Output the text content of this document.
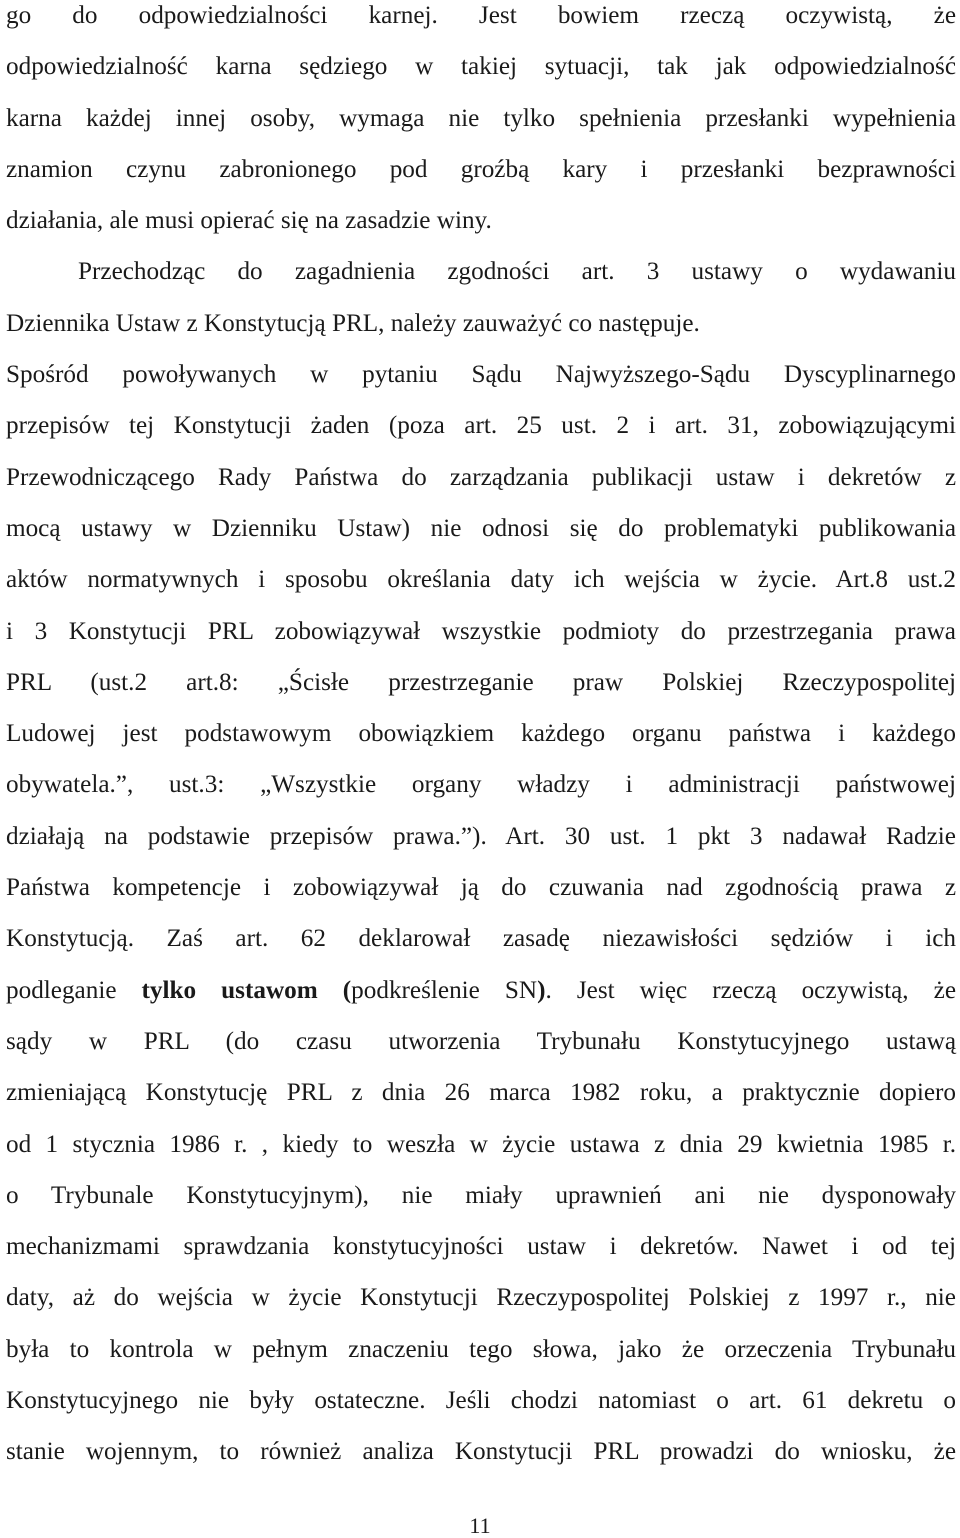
go do odpowiedzialności karnej. Jest bowiem rzeczą oczywistą, że
odpowiedzialność karna sędziego w takiej sytuacji, tak jak odpowiedzialność
karna każdej innej osoby, wymaga nie tylko spełnienia przesłanki wypełnienia
znamion czynu zabronionego pod groźbą kary i przesłanki bezprawności
działania, ale musi opierać się na zasadzie winy.
Przechodząc do zagadnienia zgodności art. 3 ustawy o wydawaniu
Dziennika Ustaw z Konstytucją PRL, należy zauważyć co następuje.
Spośród powoływanych w pytaniu Sądu Najwyższego-Sądu Dyscyplinarnego
przepisów tej Konstytucji żaden (poza art. 25 ust. 2 i art. 31, zobowiązującymi
Przewodniczącego Rady Państwa do zarządzania publikacji ustaw i dekretów z
mocą ustawy w Dzienniku Ustaw) nie odnosi się do problematyki publikowania
aktów normatywnych i sposobu określania daty ich wejścia w życie. Art.8 ust.2
i 3 Konstytucji PRL zobowiązywał wszystkie podmioty do przestrzegania prawa
PRL (ust.2 art.8: „Ścisłe przestrzeganie praw Polskiej Rzeczypospolitej
Ludowej jest podstawowym obowiązkiem każdego organu państwa i każdego
obywatela.”, ust.3: „Wszystkie organy władzy i administracji państwowej
działają na podstawie przepisów prawa.”). Art. 30 ust. 1 pkt 3 nadawał Radzie
Państwa kompetencje i zobowiązywał ją do czuwania nad zgodnością prawa z
Konstytucją. Zaś art. 62 deklarował zasadę niezawisłości sędziów i ich
podleganie tylko ustawom (podkreślenie SN). Jest więc rzeczą oczywistą, że
sądy w PRL (do czasu utworzenia Trybunału Konstytucyjnego ustawą
zmieniającą Konstytucję PRL z dnia 26 marca 1982 roku, a praktycznie dopiero
od 1 stycznia 1986 r. , kiedy to weszła w życie ustawa z dnia 29 kwietnia 1985 r.
o Trybunale Konstytucyjnym), nie miały uprawnień ani nie dysponowały
mechanizmami sprawdzania konstytucyjności ustaw i dekretów. Nawet i od tej
daty, aż do wejścia w życie Konstytucji Rzeczypospolitej Polskiej z 1997 r., nie
była to kontrola w pełnym znaczeniu tego słowa, jako że orzeczenia Trybunału
Konstytucyjnego nie były ostateczne. Jeśli chodzi natomiast o art. 61 dekretu o
stanie wojennym, to również analiza Konstytucji PRL prowadzi do wniosku, że
11
